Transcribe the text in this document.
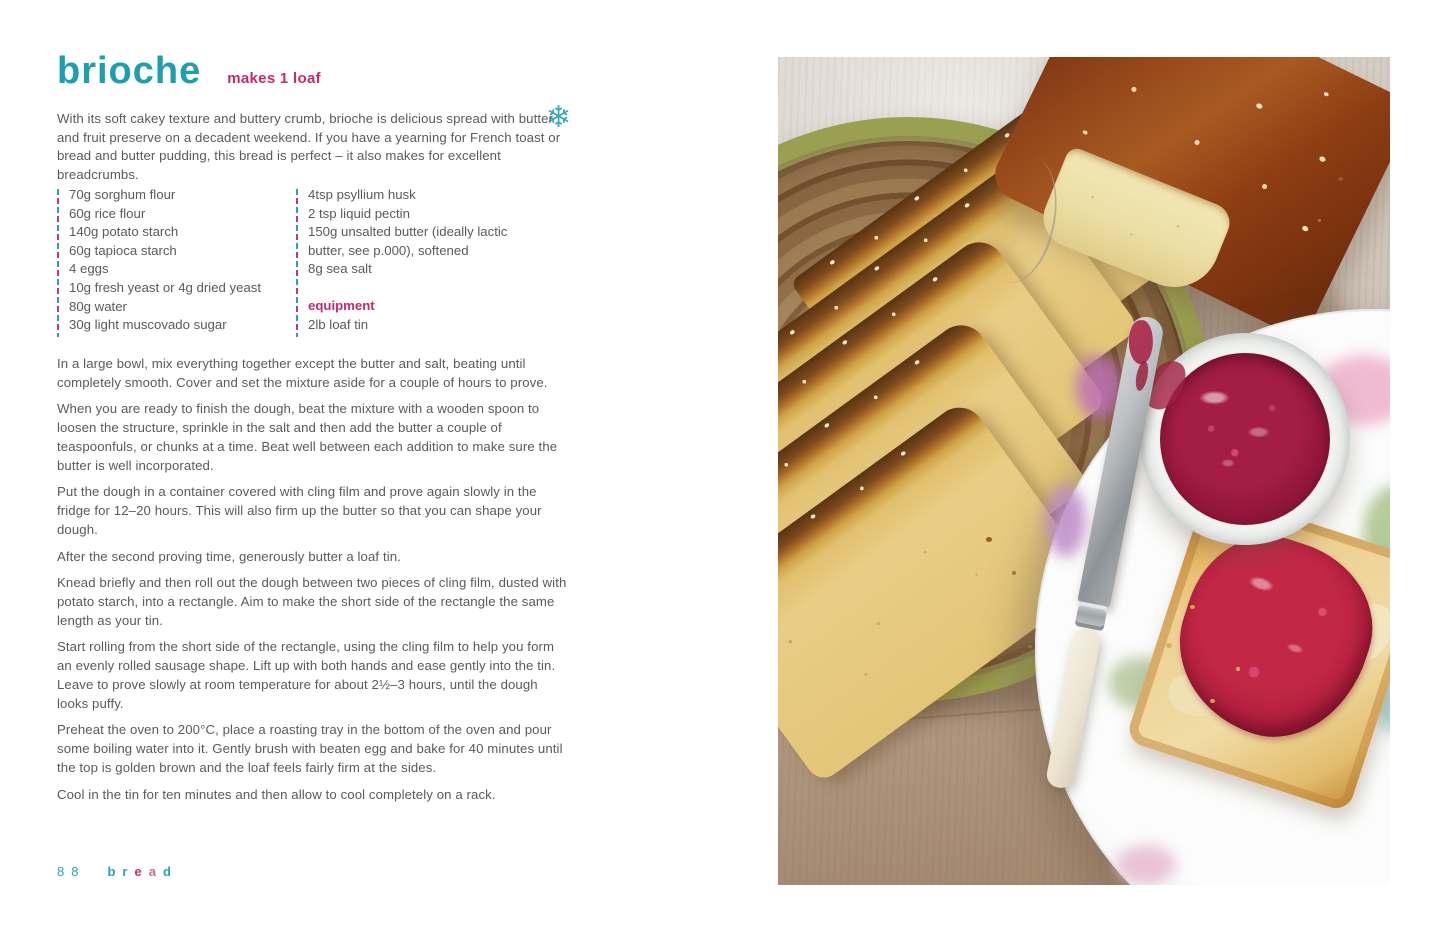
brioche makes 1 loaf
❄

With its soft cakey texture and buttery crumb, brioche is delicious spread with butter and fruit preserve on a decadent weekend. If you have a yearning for French toast or bread and butter pudding, this bread is perfect – it also makes for excellent breadcrumbs.

70g sorghum flour
60g rice flour
140g potato starch
60g tapioca starch
4 eggs
10g fresh yeast or 4g dried yeast
80g water
30g light muscovado sugar
4tsp psyllium husk
2 tsp liquid pectin
150g unsalted butter (ideally lactic butter, see p.000), softened
8g sea salt
equipment
2lb loaf tin

In a large bowl, mix everything together except the butter and salt, beating until completely smooth. Cover and set the mixture aside for a couple of hours to prove.

When you are ready to finish the dough, beat the mixture with a wooden spoon to loosen the structure, sprinkle in the salt and then add the butter a couple of teaspoonfuls, or chunks at a time. Beat well between each addition to make sure the butter is well incorporated.

Put the dough in a container covered with cling film and prove again slowly in the fridge for 12–20 hours. This will also firm up the butter so that you can shape your dough.

After the second proving time, generously butter a loaf tin.

Knead briefly and then roll out the dough between two pieces of cling film, dusted with potato starch, into a rectangle. Aim to make the short side of the rectangle the same length as your tin.

Start rolling from the short side of the rectangle, using the cling film to help you form an evenly rolled sausage shape. Lift up with both hands and ease gently into the tin. Leave to prove slowly at room temperature for about 2½–3 hours, until the dough looks puffy.

Preheat the oven to 200°C, place a roasting tray in the bottom of the oven and pour some boiling water into it. Gently brush with beaten egg and bake for 40 minutes until the top is golden brown and the loaf feels fairly firm at the sides.

Cool in the tin for ten minutes and then allow to cool completely on a rack.

88 b r e a d
